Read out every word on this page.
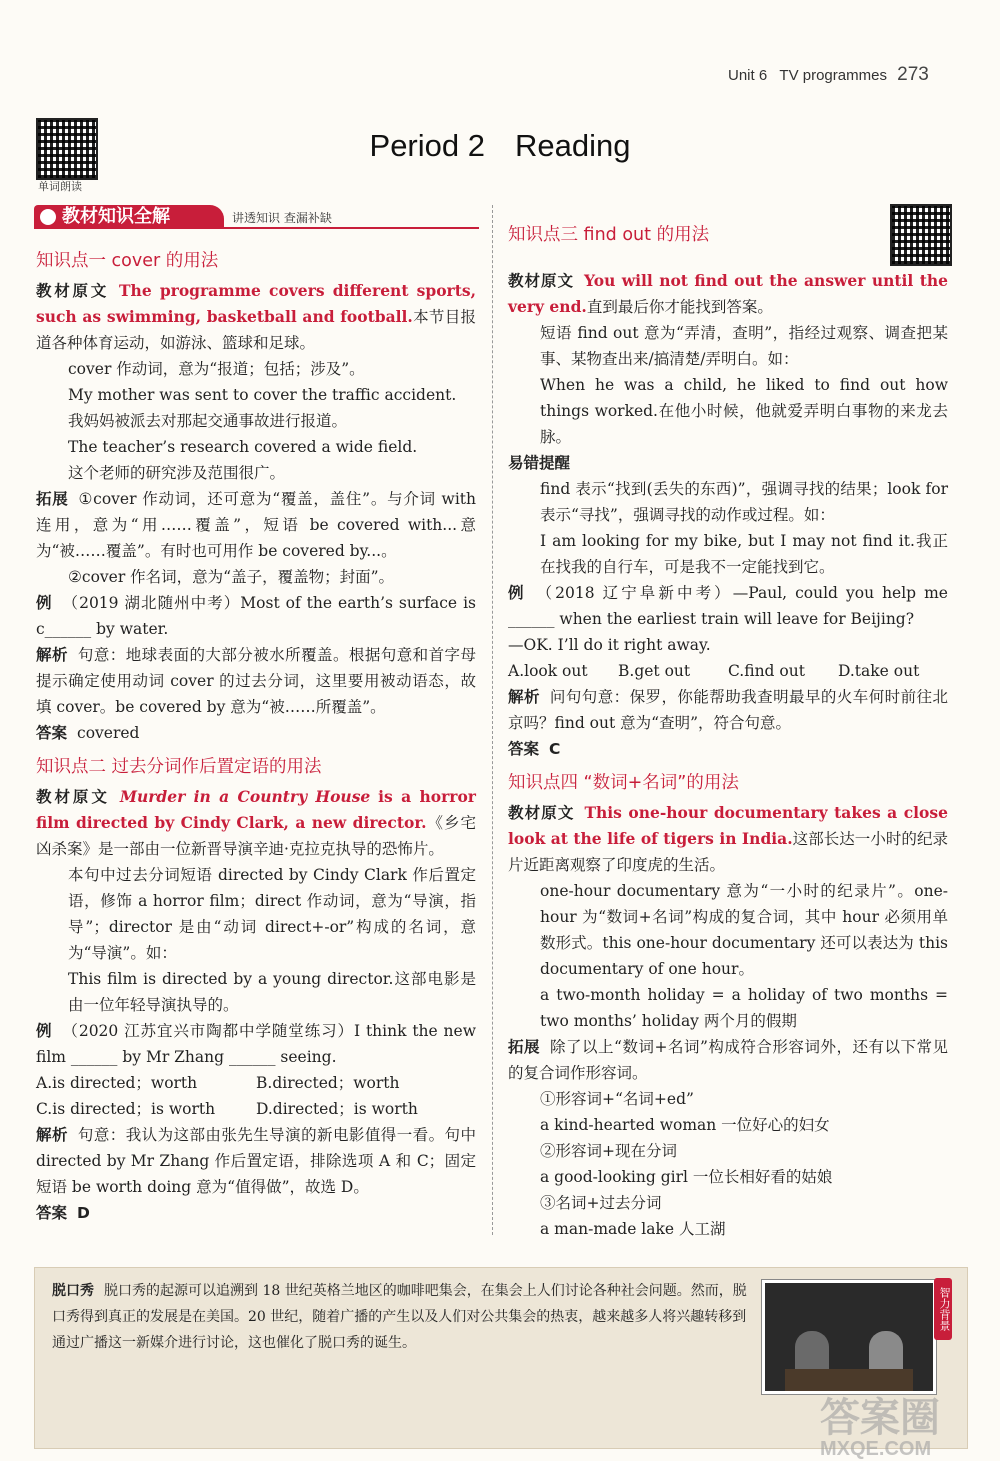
Unit 6 TV programmes 273
单词朗读
Period 2 Reading
教材知识全解	讲透知识 查漏补缺

知识点一 cover 的用法

教材原文 The programme covers different sports, such as swimming, basketball and football.本节目报道各种体育运动，如游泳、篮球和足球。

cover 作动词，意为“报道；包括；涉及”。

My mother was sent to cover the traffic accident.

我妈妈被派去对那起交通事故进行报道。

The teacher’s research covered a wide field.

这个老师的研究涉及范围很广。

拓展 ①cover 作动词，还可意为“覆盖，盖住”。与介词 with 连用，意为“用……覆盖”，短语 be covered with...意为“被……覆盖”。有时也可用作 be covered by...。

②cover 作名词，意为“盖子，覆盖物；封面”。

例 （2019 湖北随州中考）Most of the earth’s surface is c______ by water.

解析 句意：地球表面的大部分被水所覆盖。根据句意和首字母提示确定使用动词 cover 的过去分词，这里要用被动语态，故填 cover。be covered by 意为“被……所覆盖”。

答案 covered

知识点二 过去分词作后置定语的用法

教材原文 Murder in a Country House is a horror film directed by Cindy Clark, a new director.《乡宅凶杀案》是一部由一位新晋导演辛迪·克拉克执导的恐怖片。

本句中过去分词短语 directed by Cindy Clark 作后置定语，修饰 a horror film；direct 作动词，意为“导演，指导”；director 是由“动词 direct+-or”构成的名词，意为“导演”。如：

This film is directed by a young director.这部电影是由一位年轻导演执导的。

例 （2020 江苏宜兴市陶都中学随堂练习）I think the new film ______ by Mr Zhang ______ seeing.

A.is directed；worth	B.directed；worth
C.is directed；is worth	D.directed；is worth

解析 句意：我认为这部由张先生导演的新电影值得一看。句中 directed by Mr Zhang 作后置定语，排除选项 A 和 C；固定短语 be worth doing 意为“值得做”，故选 D。

答案 D

知识点三 find out 的用法

教材原文 You will not find out the answer until the very end.直到最后你才能找到答案。

短语 find out 意为“弄清，查明”，指经过观察、调查把某事、某物查出来/搞清楚/弄明白。如：

When he was a child, he liked to find out how things worked.在他小时候，他就爱弄明白事物的来龙去脉。

易错提醒

find 表示“找到(丢失的东西)”，强调寻找的结果；look for 表示“寻找”，强调寻找的动作或过程。如：

I am looking for my bike, but I may not find it.我正在找我的自行车，可是我不一定能找到它。

例 （2018 辽宁阜新中考）—Paul, could you help me ______ when the earliest train will leave for Beijing?

—OK. I’ll do it right away.

A.look out	B.get out	C.find out	D.take out

解析 问句句意：保罗，你能帮助我查明最早的火车何时前往北京吗？find out 意为“查明”，符合句意。

答案 C

知识点四 “数词+名词”的用法

教材原文 This one-hour documentary takes a close look at the life of tigers in India.这部长达一小时的纪录片近距离观察了印度虎的生活。

one-hour documentary 意为“一小时的纪录片”。one-hour 为“数词+名词”构成的复合词，其中 hour 必须用单数形式。this one-hour documentary 还可以表达为 this documentary of one hour。

a two-month holiday = a holiday of two months = two months’ holiday 两个月的假期

拓展 除了以上“数词+名词”构成符合形容词外，还有以下常见的复合词作形容词。

①形容词+“名词+ed”

a kind-hearted woman 一位好心的妇女

②形容词+现在分词

a good-looking girl 一位长相好看的姑娘

③名词+过去分词

a man-made lake 人工湖

脱口秀 脱口秀的起源可以追溯到 18 世纪英格兰地区的咖啡吧集会，在集会上人们讨论各种社会问题。然而，脱口秀得到真正的发展是在美国。20 世纪，随着广播的产生以及人们对公共集会的热衷，越来越多人将兴趣转移到通过广播这一新媒介进行讨论，这也催化了脱口秀的诞生。
智力背景
答案圈
MXQE.COM
